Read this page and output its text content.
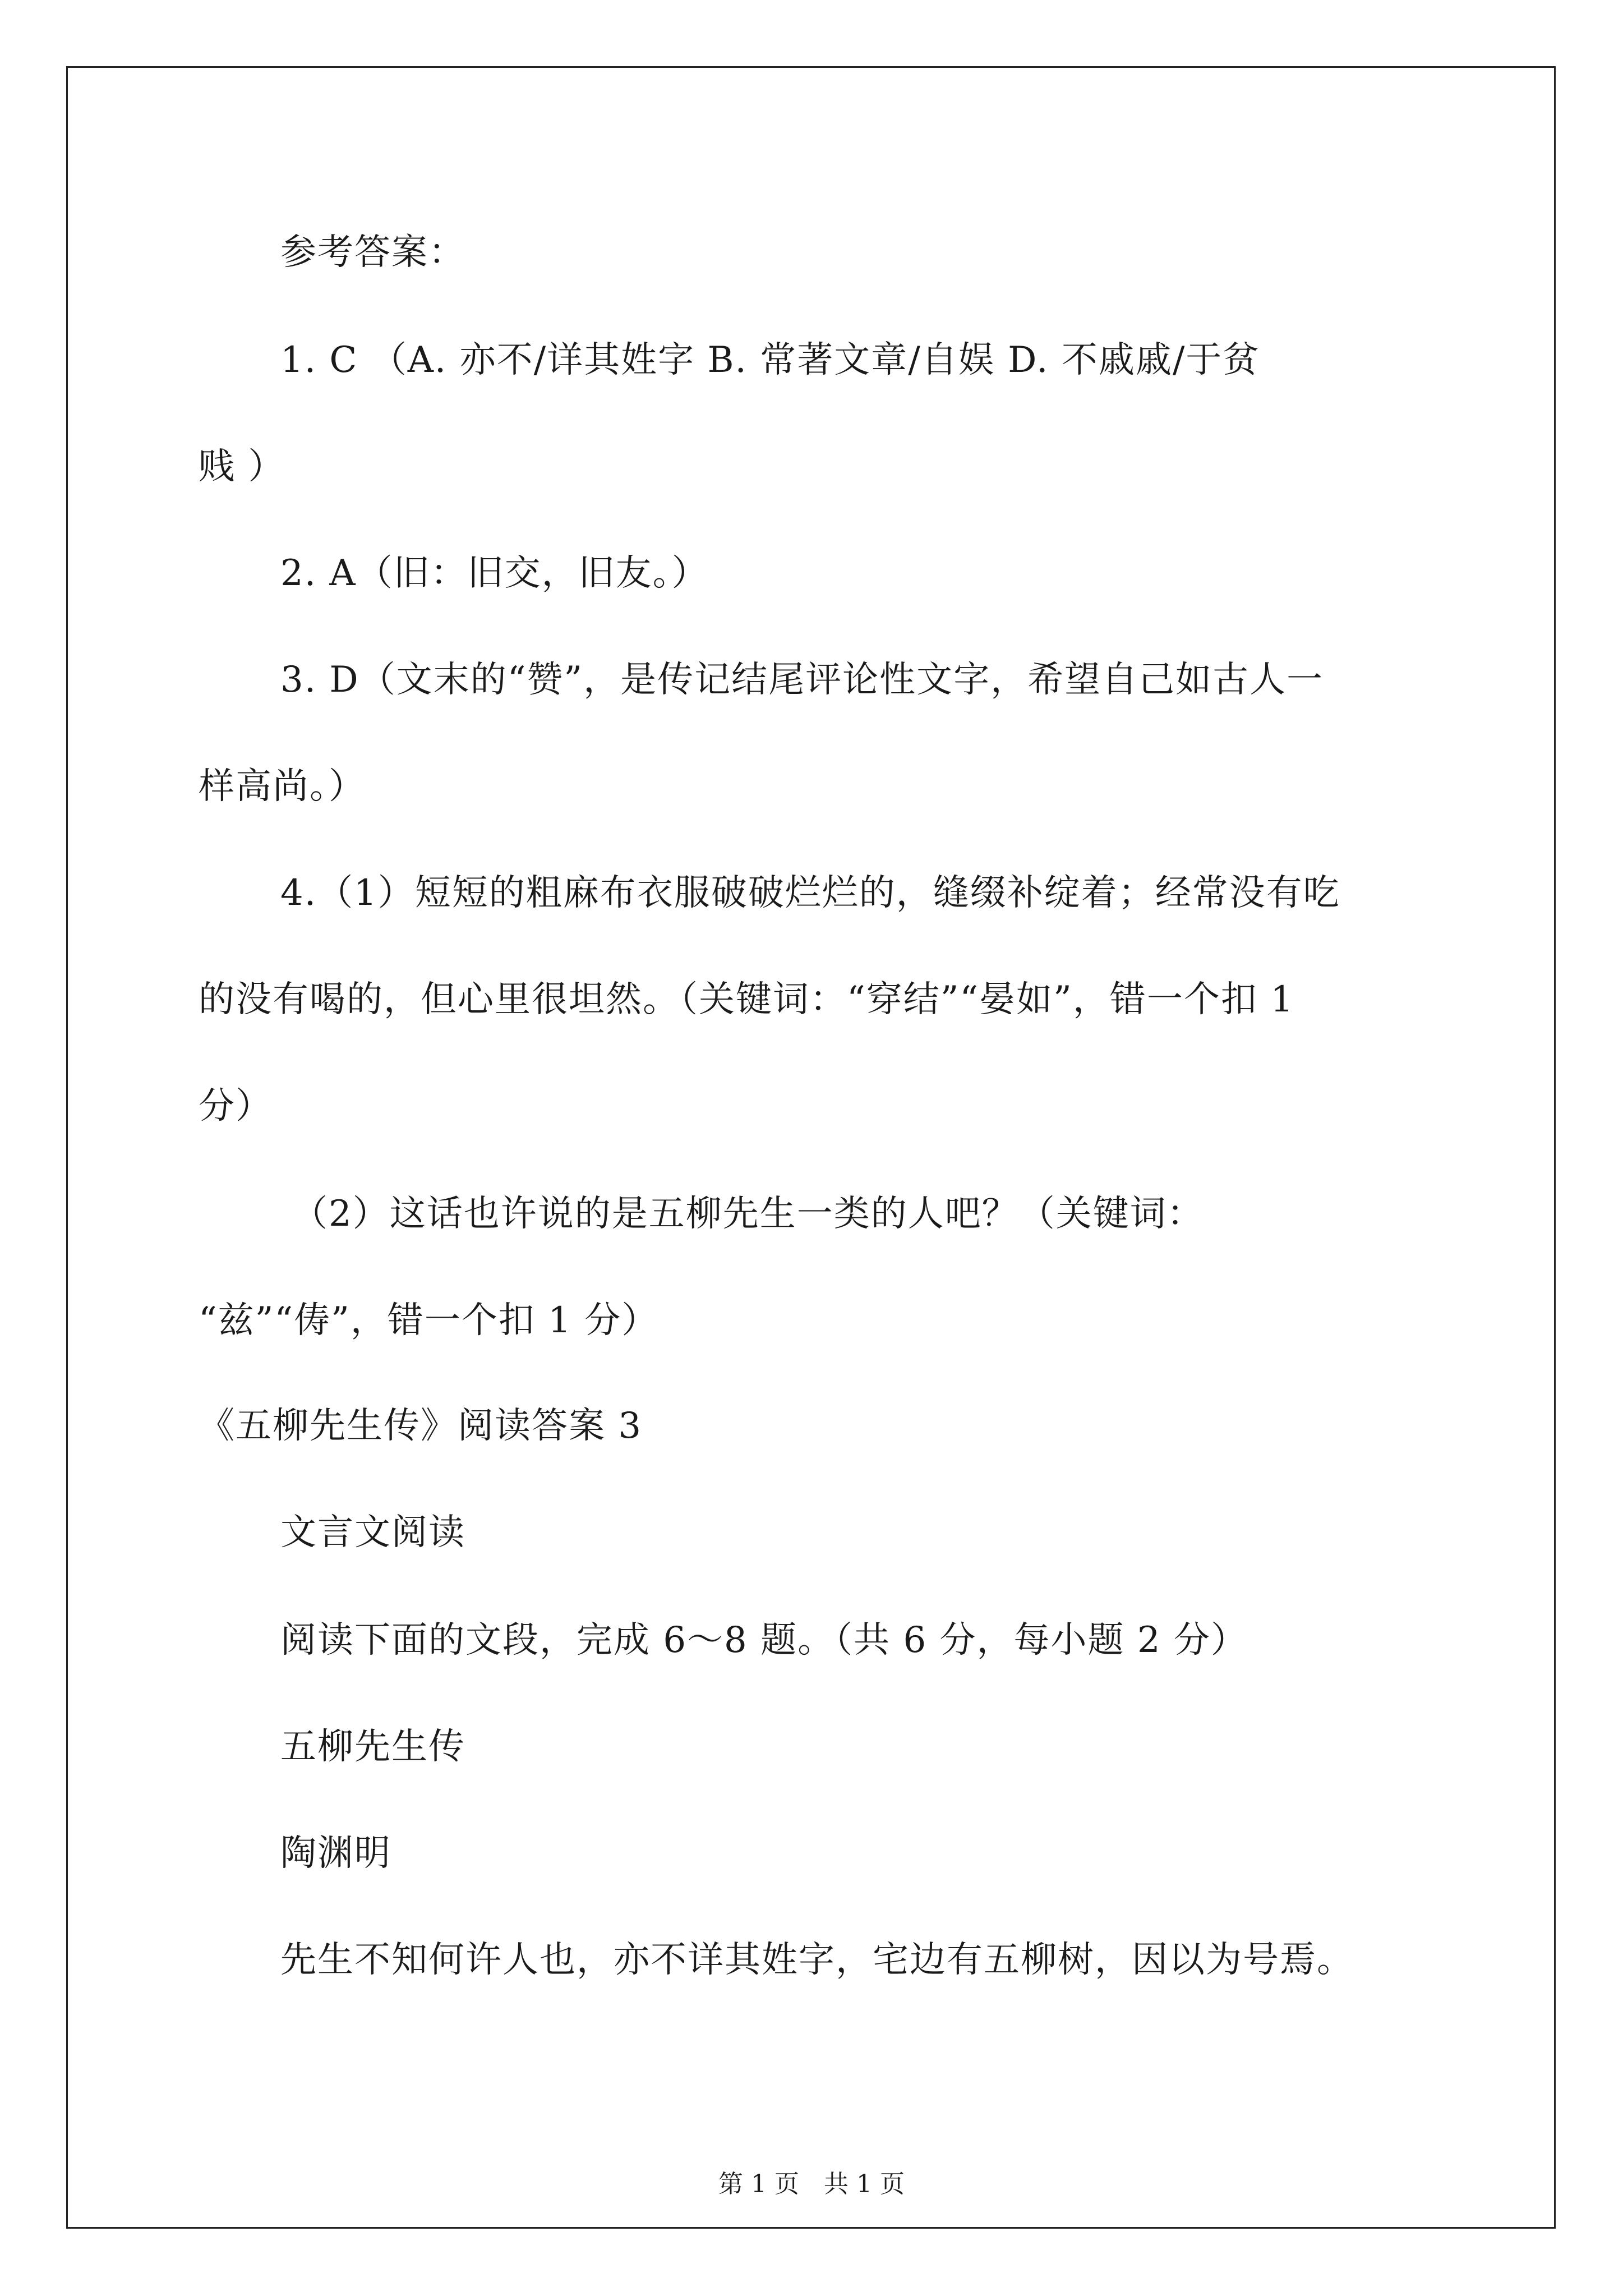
参考答案：
1. C （A. 亦不/详其姓字 B. 常著文章/自娱 D. 不戚戚/于贫
贱 ）
2. A（旧：旧交，旧友。）
3. D（文末的“赞”，是传记结尾评论性文字，希望自己如古人一
样高尚。）
4.（1）短短的粗麻布衣服破破烂烂的，缝缀补绽着；经常没有吃
的没有喝的，但心里很坦然。（关键词：“穿结”“晏如”，错一个扣 1
分）
（2）这话也许说的是五柳先生一类的人吧？（关键词：
“兹”“俦”，错一个扣 1 分）
《五柳先生传》阅读答案 3
文言文阅读
阅读下面的文段，完成 6～8 题。（共 6 分，每小题 2 分）
五柳先生传
陶渊明
先生不知何许人也，亦不详其姓字，宅边有五柳树，因以为号焉。
第 1 页　共 1 页
